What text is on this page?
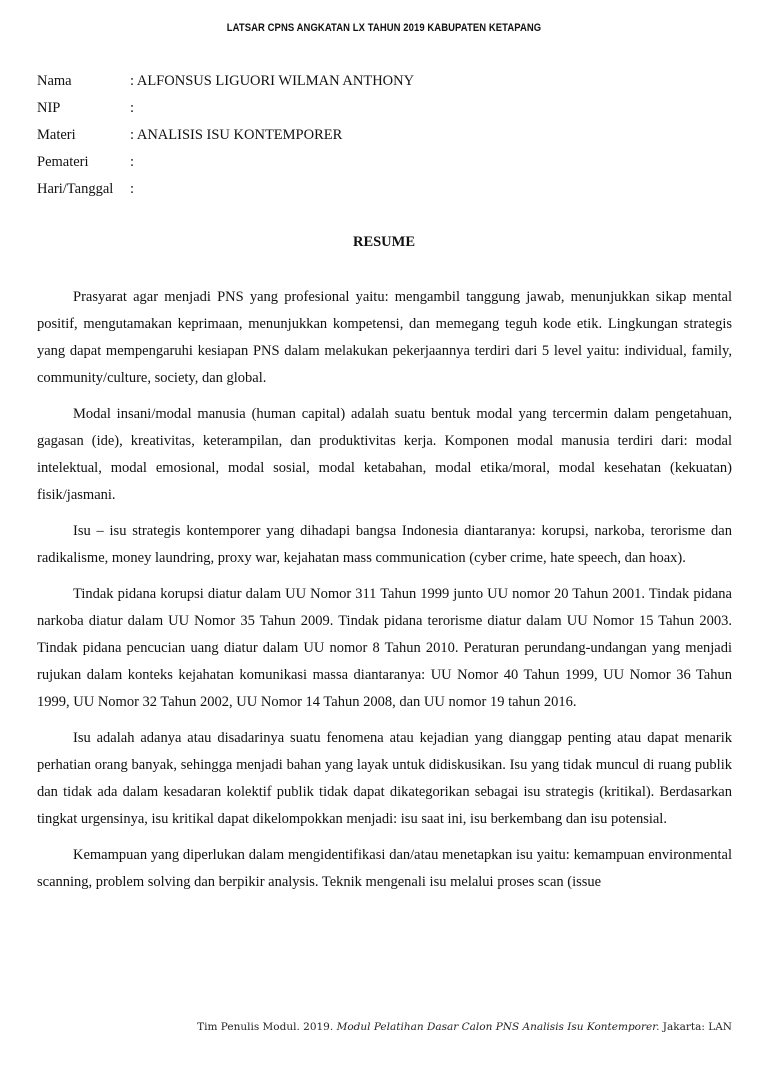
LATSAR CPNS ANGKATAN LX TAHUN 2019 KABUPATEN KETAPANG
Nama	: ALFONSUS LIGUORI WILMAN ANTHONY
NIP	:
Materi	: ANALISIS ISU KONTEMPORER
Pemateri	:
Hari/Tanggal	:
RESUME

Prasyarat agar menjadi PNS yang profesional yaitu: mengambil tanggung jawab, menunjukkan sikap mental positif, mengutamakan keprimaan, menunjukkan kompetensi, dan memegang teguh kode etik. Lingkungan strategis yang dapat mempengaruhi kesiapan PNS dalam melakukan pekerjaannya terdiri dari 5 level yaitu: individual, family, community/culture, society, dan global.

Modal insani/modal manusia (human capital) adalah suatu bentuk modal yang tercermin dalam pengetahuan, gagasan (ide), kreativitas, keterampilan, dan produktivitas kerja. Komponen modal manusia terdiri dari: modal intelektual, modal emosional, modal sosial, modal ketabahan, modal etika/moral, modal kesehatan (kekuatan) fisik/jasmani.

Isu – isu strategis kontemporer yang dihadapi bangsa Indonesia diantaranya: korupsi, narkoba, terorisme dan radikalisme, money laundring, proxy war, kejahatan mass communication (cyber crime, hate speech, dan hoax).

Tindak pidana korupsi diatur dalam UU Nomor 311 Tahun 1999 junto UU nomor 20 Tahun 2001. Tindak pidana narkoba diatur dalam UU Nomor 35 Tahun 2009. Tindak pidana terorisme diatur dalam UU Nomor 15 Tahun 2003. Tindak pidana pencucian uang diatur dalam UU nomor 8 Tahun 2010. Peraturan perundang-undangan yang menjadi rujukan dalam konteks kejahatan komunikasi massa diantaranya: UU Nomor 40 Tahun 1999, UU Nomor 36 Tahun 1999, UU Nomor 32 Tahun 2002, UU Nomor 14 Tahun 2008, dan UU nomor 19 tahun 2016.

Isu adalah adanya atau disadarinya suatu fenomena atau kejadian yang dianggap penting atau dapat menarik perhatian orang banyak, sehingga menjadi bahan yang layak untuk didiskusikan. Isu yang tidak muncul di ruang publik dan tidak ada dalam kesadaran kolektif publik tidak dapat dikategorikan sebagai isu strategis (kritikal). Berdasarkan tingkat urgensinya, isu kritikal dapat dikelompokkan menjadi: isu saat ini, isu berkembang dan isu potensial.

Kemampuan yang diperlukan dalam mengidentifikasi dan/atau menetapkan isu yaitu: kemampuan environmental scanning, problem solving dan berpikir analysis. Teknik mengenali isu melalui proses scan (issue

Tim Penulis Modul. 2019. Modul Pelatihan Dasar Calon PNS Analisis Isu Kontemporer. Jakarta: LAN
